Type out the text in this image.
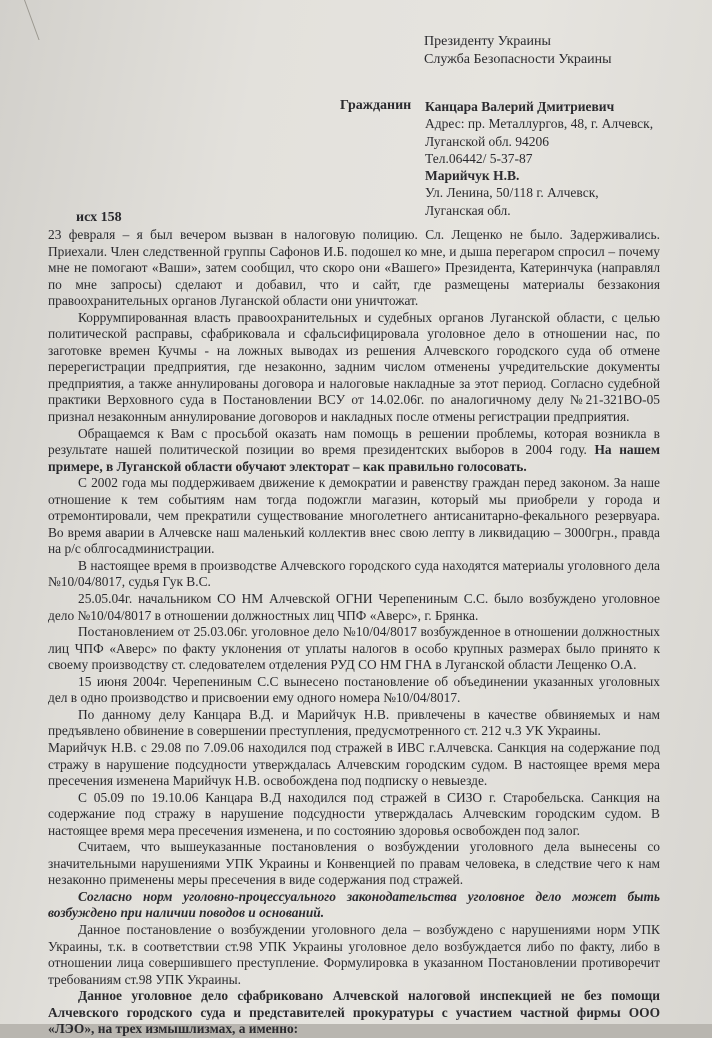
Президенту Украины
Служба Безопасности Украины
Гражданин Канцара Валерий Дмитриевич
Адрес: пр. Металлургов, 48, г. Алчевск,
Луганской обл. 94206
Тел.06442/ 5-37-87
Марийчук Н.В.
Ул. Ленина, 50/118 г. Алчевск,
Луганская обл.
исх 158

23 февраля – я был вечером вызван в налоговую полицию. Сл. Лещенко не было. Задерживались. Приехали. Член следственной группы Сафонов И.Б. подошел ко мне, и дыша перегаром спросил – почему мне не помогают «Ваши», затем сообщил, что скоро они «Вашего» Президента, Катеринчука (направлял по мне запросы) сделают и добавил, что и сайт, где размещены материалы беззакония правоохранительных органов Луганской области они уничтожат.

Коррумпированная власть правоохранительных и судебных органов Луганской области, с целью политической расправы, сфабриковала и сфальсифицировала уголовное дело в отношении нас, по заготовке времен Кучмы - на ложных выводах из решения Алчевского городского суда об отмене перерегистрации предприятия, где незаконно, задним числом отменены учредительские документы предприятия, а также аннулированы договора и налоговые накладные за этот период. Согласно судебной практики Верховного суда в Постановлении ВСУ от 14.02.06г. по аналогичному делу №21-321ВО-05 признал незаконным аннулирование договоров и накладных после отмены регистрации предприятия.

Обращаемся к Вам с просьбой оказать нам помощь в решении проблемы, которая возникла в результате нашей политической позиции во время президентских выборов в 2004 году. На нашем примере, в Луганской области обучают электорат – как правильно голосовать.

С 2002 года мы поддерживаем движение к демократии и равенству граждан перед законом. За наше отношение к тем событиям нам тогда подожгли магазин, который мы приобрели у города и отремонтировали, чем прекратили существование многолетнего антисанитарно-фекального резервуара. Во время аварии в Алчевске наш маленький коллектив внес свою лепту в ликвидацию – 3000грн., правда на р/с облгосадминистрации.

В настоящее время в производстве Алчевского городского суда находятся материалы уголовного дела №10/04/8017, судья Гук В.С.

25.05.04г. начальником СО НМ Алчевской ОГНИ Черепениным С.С. было возбуждено уголовное дело №10/04/8017 в отношении должностных лиц ЧПФ «Аверс», г. Брянка.

Постановлением от 25.03.06г. уголовное дело №10/04/8017 возбужденное в отношении должностных лиц ЧПФ «Аверс» по факту уклонения от уплаты налогов в особо крупных размерах было принято к своему производству ст. следователем отделения РУД СО НМ ГНА в Луганской области Лещенко О.А.

15 июня 2004г. Черепениным С.С вынесено постановление об объединении указанных уголовных дел в одно производство и присвоении ему одного номера №10/04/8017.

По данному делу Канцара В.Д. и Марийчук Н.В. привлечены в качестве обвиняемых и нам предъявлено обвинение в совершении преступления, предусмотренного ст. 212 ч.3 УК Украины.

Марийчук Н.В. с 29.08 по 7.09.06 находился под стражей в ИВС г.Алчевска. Санкция на содержание под стражу в нарушение подсудности утверждалась Алчевским городским судом. В настоящее время мера пресечения изменена Марийчук Н.В. освобождена под подписку о невыезде.

С 05.09 по 19.10.06 Канцара В.Д находился под стражей в СИЗО г. Старобельска. Санкция на содержание под стражу в нарушение подсудности утверждалась Алчевским городским судом. В настоящее время мера пресечения изменена, и по состоянию здоровья освобожден под залог.

Считаем, что вышеуказанные постановления о возбуждении уголовного дела вынесены со значительными нарушениями УПК Украины и Конвенцией по правам человека, в следствие чего к нам незаконно применены меры пресечения в виде содержания под стражей.

Согласно норм уголовно-процессуального законодательства уголовное дело может быть возбуждено при наличии поводов и оснований.

Данное постановление о возбуждении уголовного дела – возбуждено с нарушениями норм УПК Украины, т.к. в соответствии ст.98 УПК Украины уголовное дело возбуждается либо по факту, либо в отношении лица совершившего преступление. Формулировка в указанном Постановлении противоречит требованиям ст.98 УПК Украины.

Данное уголовное дело сфабриковано Алчевской налоговой инспекцией не без помощи Алчевского городского суда и представителей прокуратуры с участием частной фирмы ООО «ЛЭО», на трех измышлизмах, а именно:
